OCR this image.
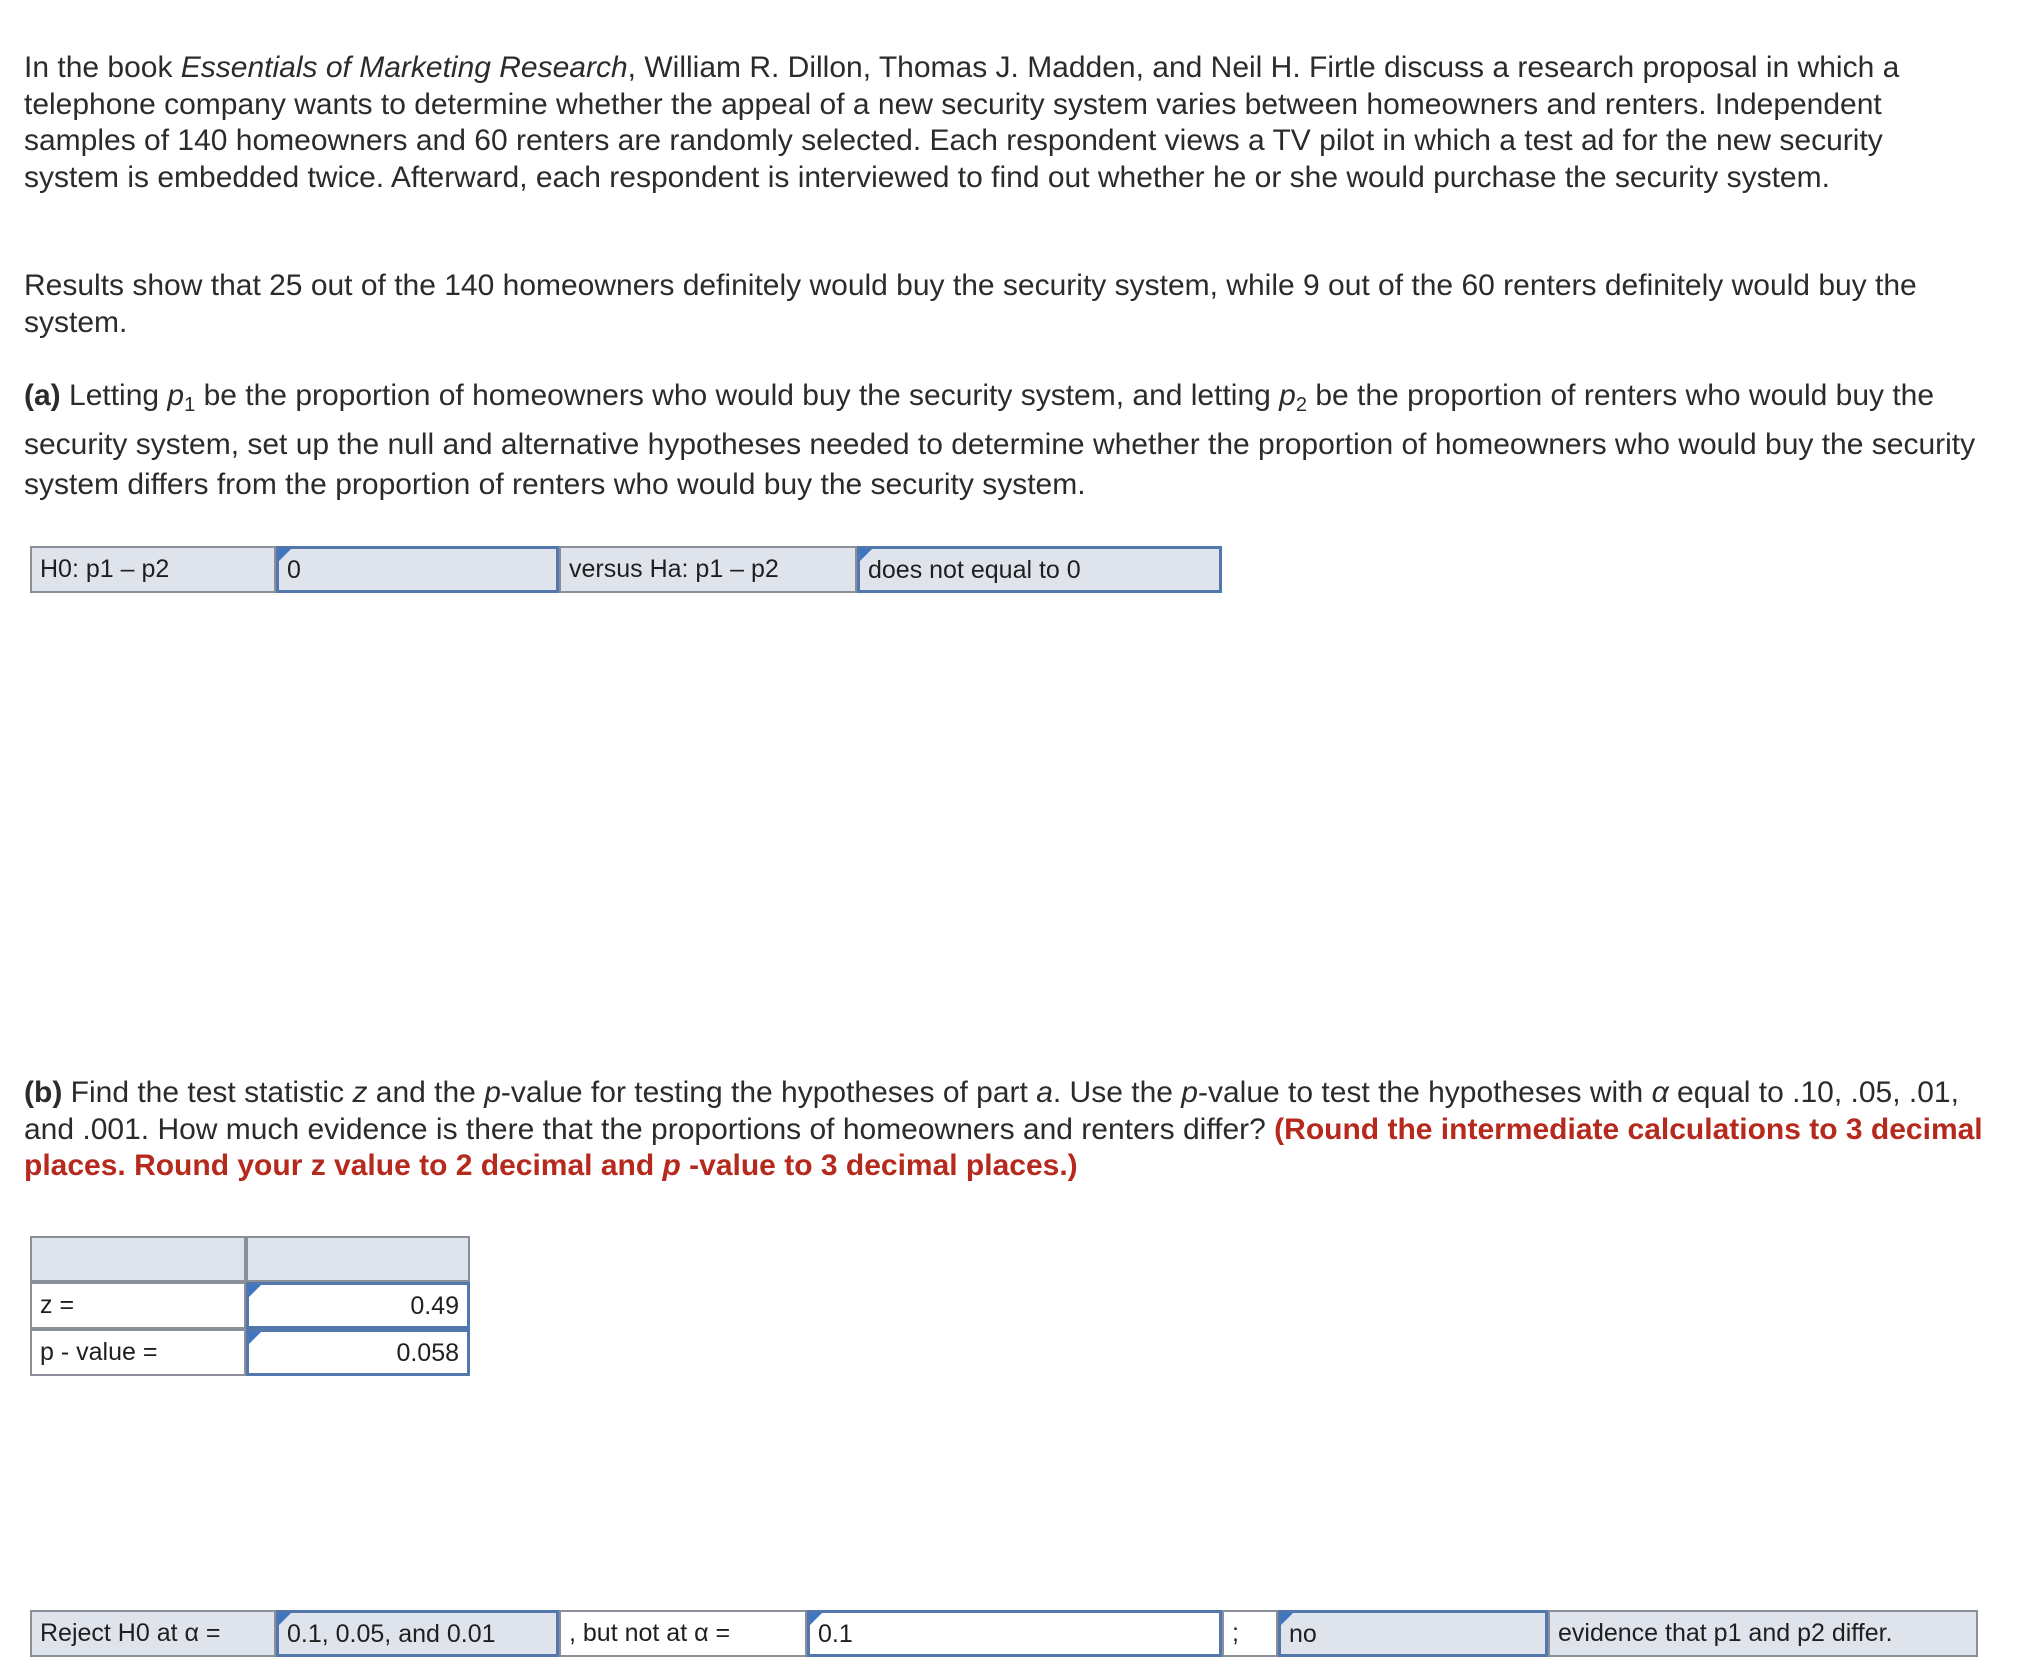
In the book Essentials of Marketing Research, William R. Dillon, Thomas J. Madden, and Neil H. Firtle discuss a research proposal in which a telephone company wants to determine whether the appeal of a new security system varies between homeowners and renters. Independent samples of 140 homeowners and 60 renters are randomly selected. Each respondent views a TV pilot in which a test ad for the new security system is embedded twice. Afterward, each respondent is interviewed to find out whether he or she would purchase the security system.

Results show that 25 out of the 140 homeowners definitely would buy the security system, while 9 out of the 60 renters definitely would buy the system.

(a) Letting $p_1$ be the proportion of homeowners who would buy the security system, and letting $p_2$ be the proportion of renters who would buy the security system, set up the null and alternative hypotheses needed to determine whether the proportion of homeowners who would buy the security system differs from the proportion of renters who would buy the security system.

H0: p1 – p2	0	versus Ha: p1 – p2	does not equal to 0

(b) Find the test statistic z and the p-value for testing the hypotheses of part a. Use the p-value to test the hypotheses with α equal to .10, .05, .01, and .001. How much evidence is there that the proportions of homeowners and renters differ? (Round the intermediate calculations to 3 decimal places. Round your z value to 2 decimal and p -value to 3 decimal places.)

z =	0.49
p - value =	0.058
Reject H0 at α =	0.1, 0.05, and 0.01	, but not at α =	0.1	;	no	evidence that p1 and p2 differ.
